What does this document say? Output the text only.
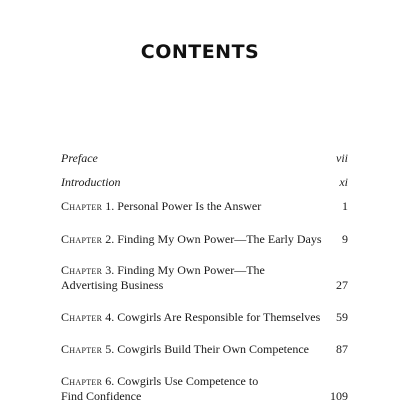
CONTENTS
Preface	vii
Introduction	xi
Chapter 1. Personal Power Is the Answer	1
Chapter 2. Finding My Own Power—The Early Days 9
Chapter 3. Finding My Own Power—The
Advertising Business	27
Chapter 4. Cowgirls Are Responsible for Themselves 59
Chapter 5. Cowgirls Build Their Own Competence 87
Chapter 6. Cowgirls Use Competence to
Find Confidence	109
